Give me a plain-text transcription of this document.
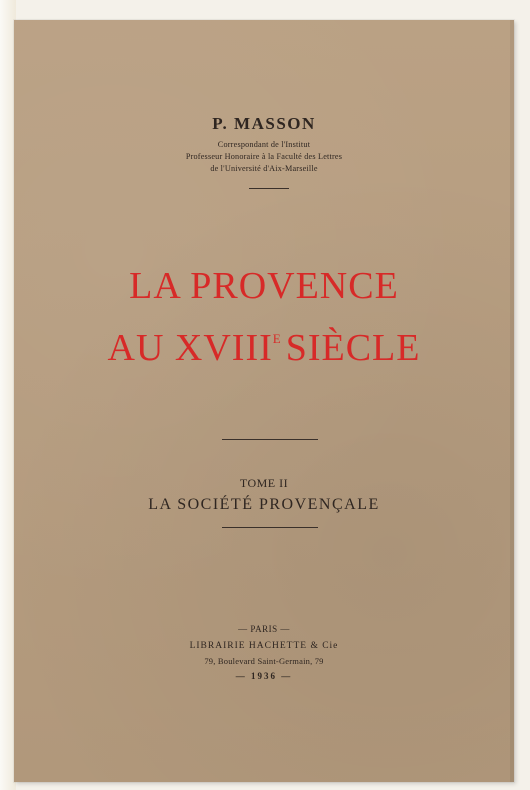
P. MASSON
Correspondant de l'Institut
Professeur Honoraire à la Faculté des Lettres
de l'Université d'Aix-Marseille
LA PROVENCE
AU $XVIII^E$ SIÈCLE
TOME II
LA SOCIÉTÉ PROVENÇALE
— PARIS —
LIBRAIRIE HACHETTE & Cie
79, Boulevard Saint-Germain, 79
— 1936 —
